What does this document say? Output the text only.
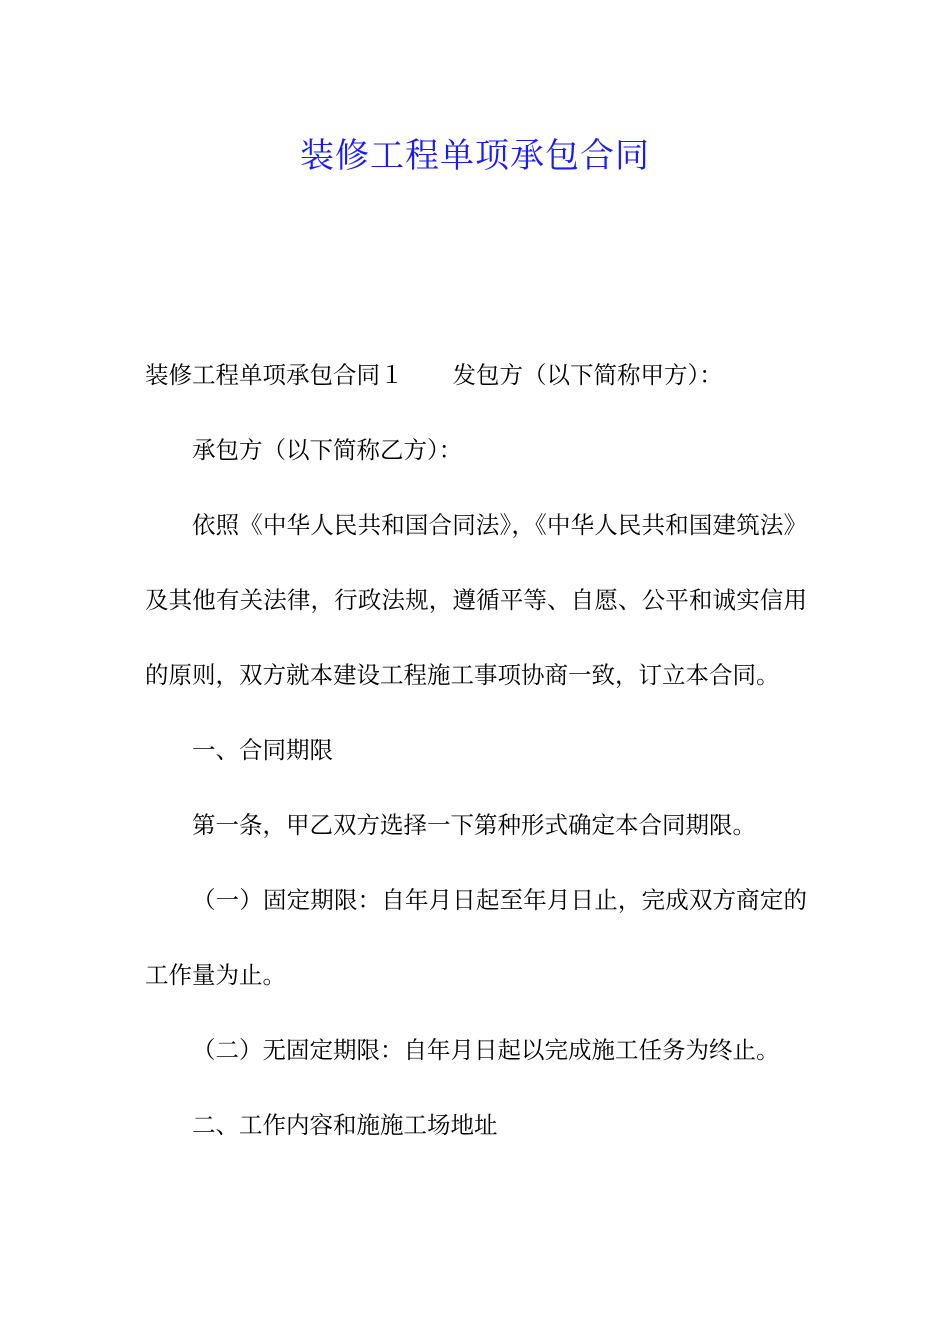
装修工程单项承包合同
装修工程单项承包合同１ 发包方（以下简称甲方）：
承包方（以下简称乙方）：
依照《中华人民共和国合同法》，《中华人民共和国建筑法》及其他有关法律，行政法规，遵循平等、自愿、公平和诚实信用的原则，双方就本建设工程施工事项协商一致，订立本合同。
一、合同期限
第一条，甲乙双方选择一下第种形式确定本合同期限。
（一）固定期限：自年月日起至年月日止，完成双方商定的工作量为止。
（二）无固定期限：自年月日起以完成施工任务为终止。
二、工作内容和施施工场地址
